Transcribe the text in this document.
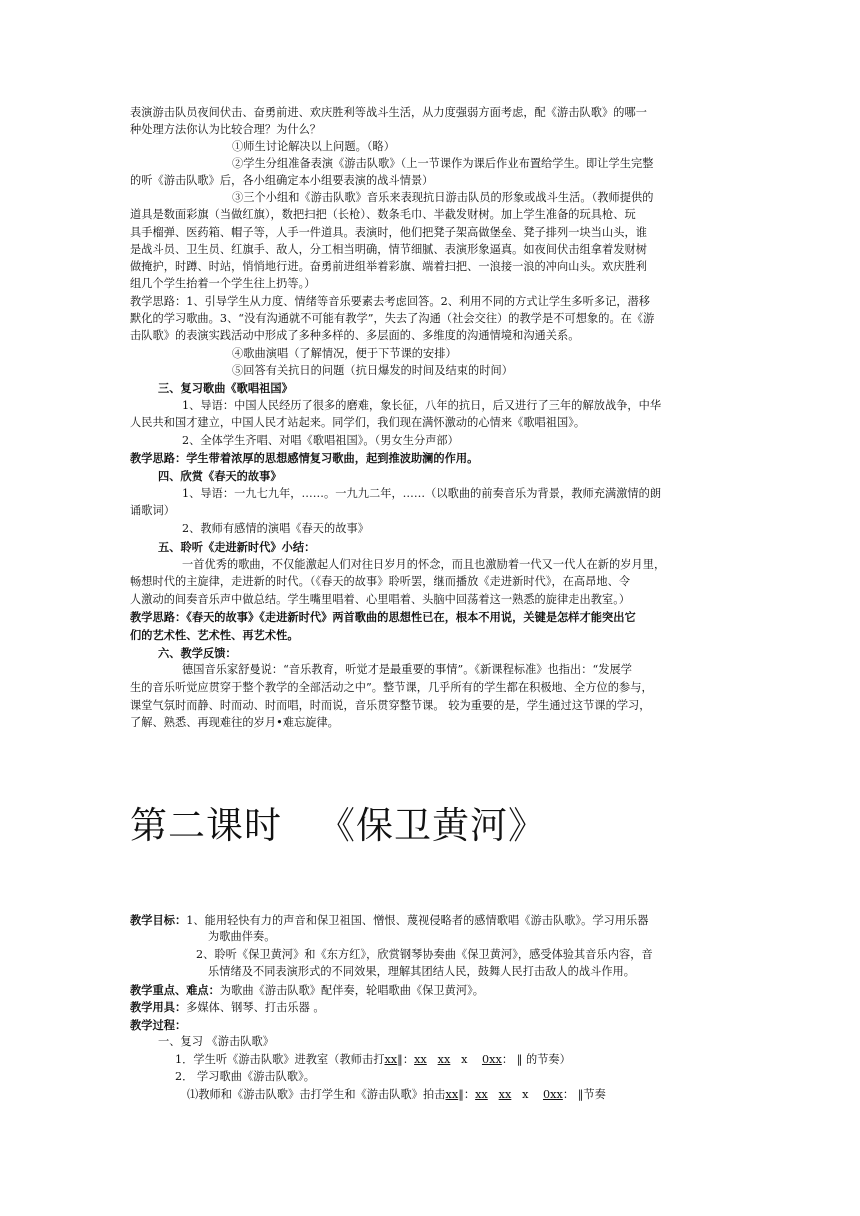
表演游击队员夜间伏击、奋勇前进、欢庆胜利等战斗生活，从力度强弱方面考虑，配《游击队歌》的哪一
种处理方法你认为比较合理？为什么？
①师生讨论解决以上问题。（略）
②学生分组准备表演《游击队歌》（上一节课作为课后作业布置给学生。即让学生完整
的听《游击队歌》后，各小组确定本小组要表演的战斗情景）
③三个小组和《游击队歌》音乐来表现抗日游击队员的形象或战斗生活。（教师提供的
道具是数面彩旗（当做红旗），数把扫把（长枪）、数条毛巾、半截发财树。加上学生准备的玩具枪、玩
具手榴弹、医药箱、帽子等，人手一件道具。表演时，他们把凳子架高做堡垒、凳子排列一块当山头，谁
是战斗员、卫生员、红旗手、敌人，分工相当明确，情节细腻、表演形象逼真。如夜间伏击组拿着发财树
做掩护，时蹲、时站，悄悄地行进。奋勇前进组举着彩旗、端着扫把、一浪接一浪的冲向山头。欢庆胜利
组几个学生抬着一个学生往上扔等。）
教学思路：1、引导学生从力度、情绪等音乐要素去考虑回答。2、利用不同的方式让学生多听多记，潜移
默化的学习歌曲。3、“没有沟通就不可能有教学”，失去了沟通（社会交往）的教学是不可想象的。在《游
击队歌》的表演实践活动中形成了多种多样的、多层面的、多维度的沟通情境和沟通关系。
④歌曲演唱（了解情况，便于下节课的安排）
⑤回答有关抗日的问题（抗日爆发的时间及结束的时间）
三、复习歌曲《歌唱祖国》
1、导语：中国人民经历了很多的磨难，象长征，八年的抗日，后又进行了三年的解放战争，中华
人民共和国才建立，中国人民才站起来。同学们，我们现在满怀激动的心情来《歌唱祖国》。
2、全体学生齐唱、对唱《歌唱祖国》。（男女生分声部）
教学思路：学生带着浓厚的思想感情复习歌曲，起到推波助澜的作用。
四、欣赏《春天的故事》
1、导语：一九七九年，……。一九九二年，……（以歌曲的前奏音乐为背景，教师充满激情的朗
诵歌词）
2、教师有感情的演唱《春天的故事》
五、聆听《走进新时代》小结：
一首优秀的歌曲，不仅能激起人们对往日岁月的怀念，而且也激励着一代又一代人在新的岁月里，
畅想时代的主旋律，走进新的时代。（《春天的故事》聆听罢，继而播放《走进新时代》，在高昂地、令
人激动的间奏音乐声中做总结。学生嘴里唱着、心里唱着、头脑中回荡着这一熟悉的旋律走出教室。）
教学思路：《春天的故事》《走进新时代》两首歌曲的思想性已在，根本不用说，关键是怎样才能突出它
们的艺术性、艺术性、再艺术性。
六、教学反馈：
德国音乐家舒曼说：“音乐教育，听觉才是最重要的事情”。《新课程标准》也指出：“发展学
生的音乐听觉应贯穿于整个教学的全部活动之中”。整节课，几乎所有的学生都在积极地、全方位的参与，
课堂气氛时而静、时而动、时而唱，时而说，音乐贯穿整节课。 较为重要的是，学生通过这节课的学习，
了解、熟悉、再现难往的岁月•难忘旋律。
第二课时 《保卫黄河》
教学目标：1、能用轻快有力的声音和保卫祖国、憎恨、蔑视侵略者的感情歌唱《游击队歌》。学习用乐器
为歌曲伴奏。
2、聆听《保卫黄河》和《东方红》，欣赏钢琴协奏曲《保卫黄河》，感受体验其音乐内容，音
乐情绪及不同表演形式的不同效果，理解其团结人民，鼓舞人民打击敌人的战斗作用。
教学重点、难点：为歌曲《游击队歌》配伴奏，轮唱歌曲《保卫黄河》。
教学用具：多媒体、钢琴、打击乐器 。
教学过程：
一、复习 《游击队歌》
1．学生听《游击队歌》进教室（教师击打xx‖：xx xx x 0xx： ‖ 的节奏）
2． 学习歌曲《游击队歌》。
⑴教师和《游击队歌》击打学生和《游击队歌》拍击xx‖：xx xx x 0xx： ‖节奏
